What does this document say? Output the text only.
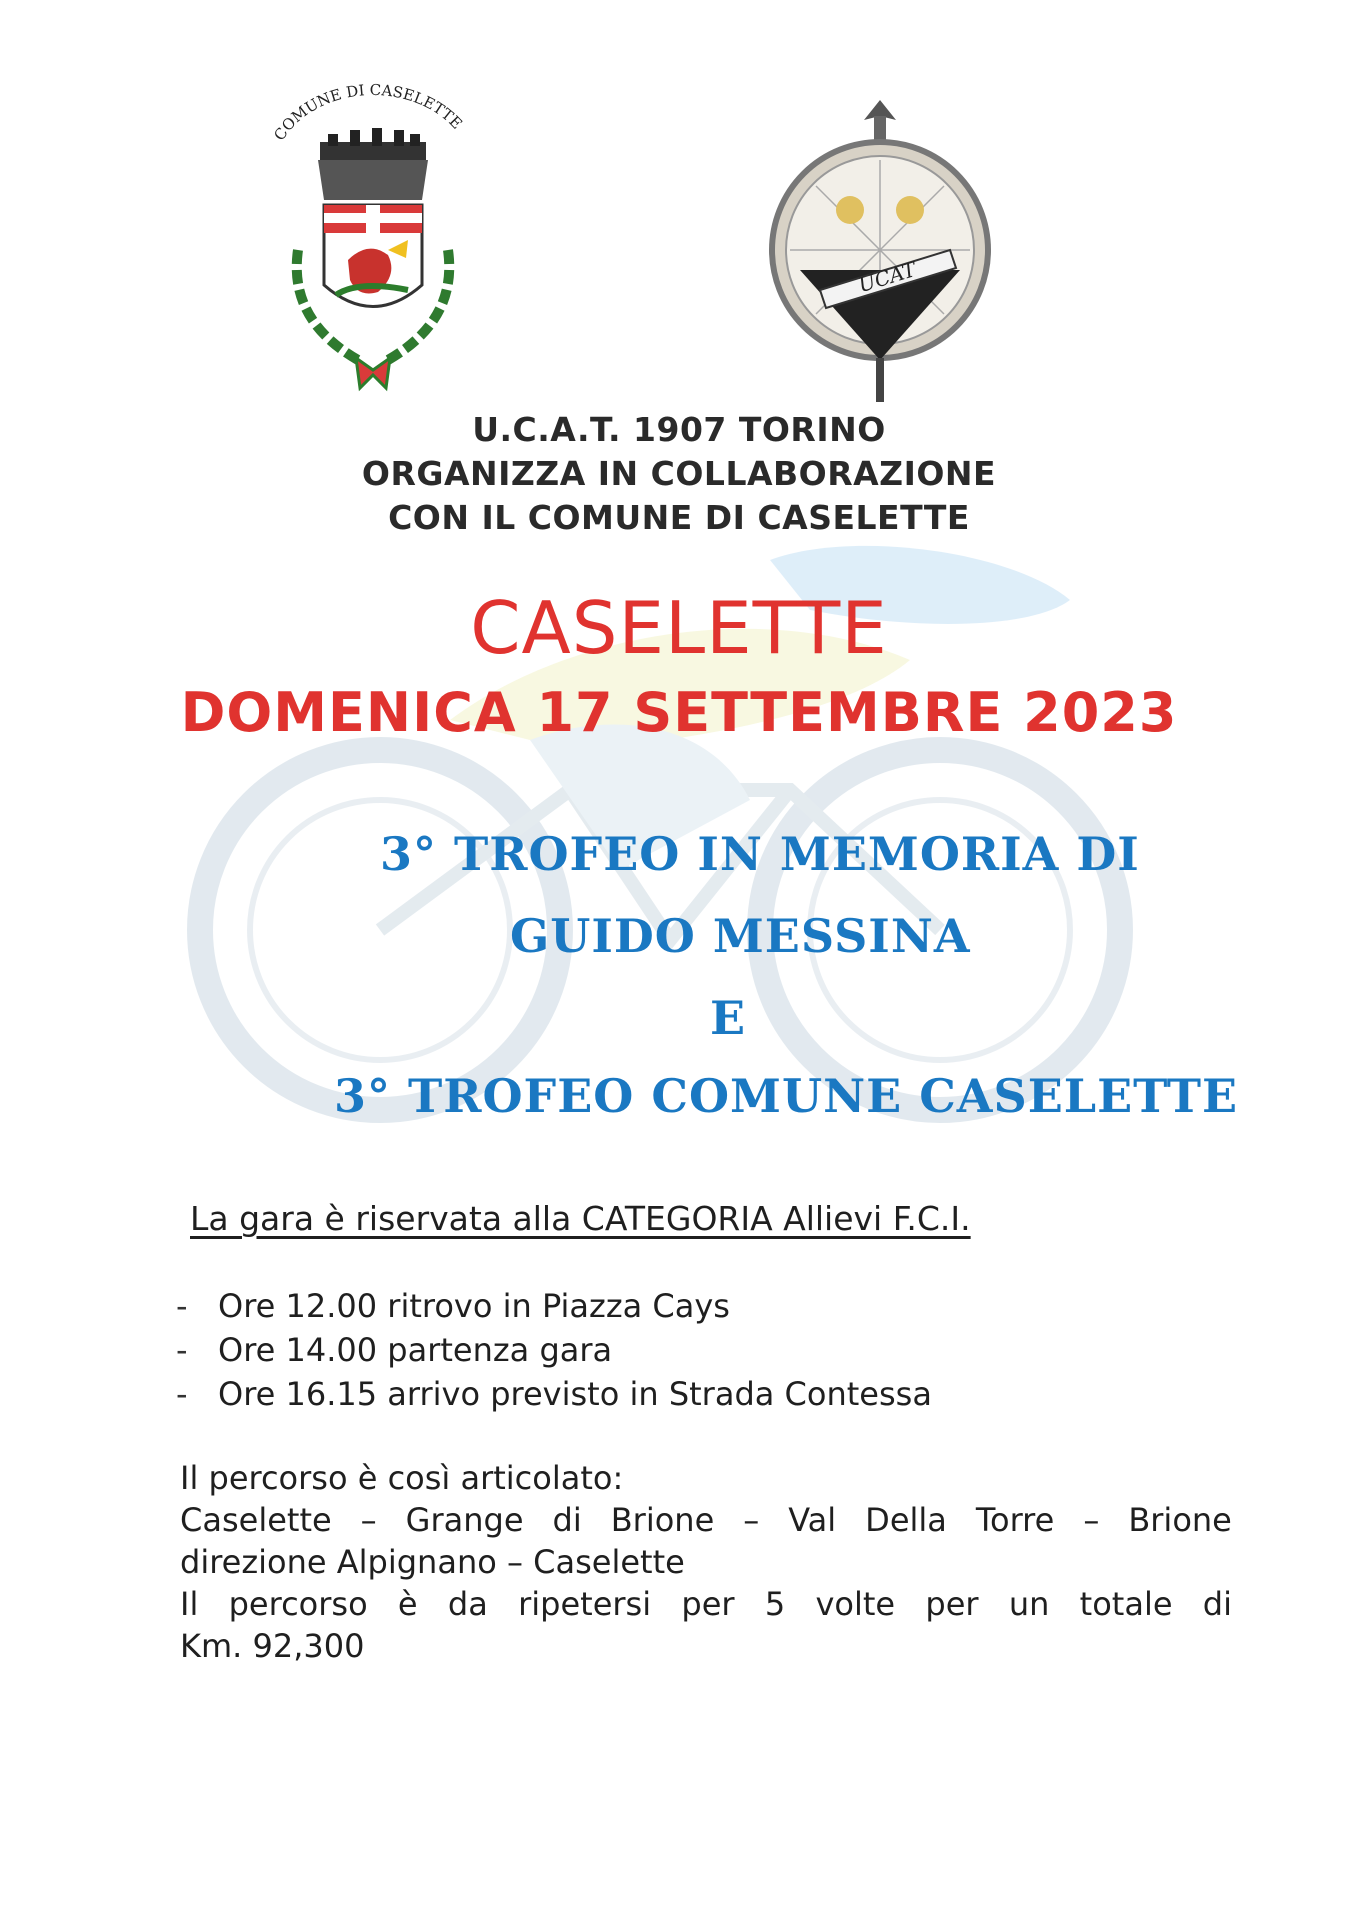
COMUNE DI CASELETTE
UCAT
U.C.A.T. 1907 TORINO
ORGANIZZA IN COLLABORAZIONE
CON IL COMUNE DI CASELETTE
CASELETTE
DOMENICA 17 SETTEMBRE 2023
3° TROFEO IN MEMORIA DI
GUIDO MESSINA
E
3° TROFEO COMUNE CASELETTE
La gara è riservata alla CATEGORIA Allievi F.C.I.
- Ore 12.00 ritrovo in Piazza Cays
- Ore 14.00 partenza gara
- Ore 16.15 arrivo previsto in Strada Contessa
Il percorso è così articolato:
Caselette – Grange di Brione – Val Della Torre – Brione
direzione Alpignano – Caselette
Il percorso è da ripetersi per 5 volte per un totale di
Km. 92,300
